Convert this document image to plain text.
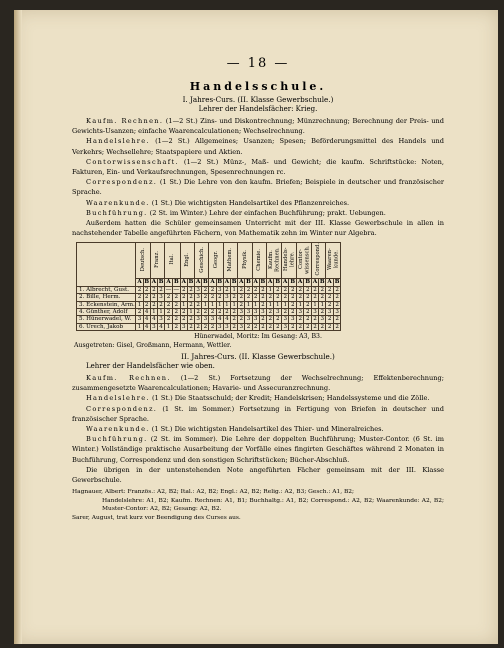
— 18 —
Handelsschule.
I. Jahres-Curs. (II. Klasse Gewerbschule.)
Lehrer der Handelsfächer: Krieg.

Kaufm. Rechnen. (1—2 St.) Zins- und Diskontrechnung; Münzrechnung; Berechnung der Preis- und Gewichts-Usanzen; einfache Waarencalculationen; Wechselrechnung.

Handelslehre. (1—2 St.) Allgemeines; Usanzen; Spesen; Beförderungsmittel des Handels und Verkehrs; Wechsellehre; Staatspapiere und Aktien.

Contorwissenschaft. (1—2 St.) Münz-, Maß- und Gewicht; die kaufm. Schriftstücke: Noten, Fakturen, Ein- und Verkaufsrechnungen, Spesenrechnungen rc.

Correspondenz. (1 St.) Die Lehre von den kaufm. Briefen; Beispiele in deutscher und französischer Sprache.

Waarenkunde. (1 St.) Die wichtigsten Handelsartikel des Pflanzenreiches.

Buchführung. (2 St. im Winter.) Lehre der einfachen Buchführung; prakt. Uebungen.

Außerdem hatten die Schüler gemeinsamen Unterricht mit der III. Klasse Gewerbschule in allen in nachstehender Tabelle angeführten Fächern, von Mathematik zehn im Winter nur Algebra.

	Deutsch.		Franz.		Ital.		Engl.		Geschich.		Geogr.		Mathem.		Physik.		Chemie.		Kaufm. Rechnen.		Handels-lehre.		Contor-wissensch.		Correspond.		Waaren-kunde.	
	A	B	A	B	A	B	A	B	A	B	A	B	A	B	A	B	A	B	A	B	A	B	A	B	A	B	A	B
1. Albrecht, Gust.	2	2	2	2	—	—	2	2	3	2	2	3	2	1	2	2	2	2	1	2	2	2	2	2	2	2	2	2
2. Bille, Herm.	2	2	2	3	2	2	2	2	3	2	2	2	3	2	2	2	2	2	2	2	2	2	2	2	2	2	2	2
3. Eckenstein, Arm.	1	2	2	2	2	2	1	2	2	1	1	1	1	1	2	1	1	2	1	1	1	2	1	2	1	1	2	2
4. Günther, Adolf	2	4	1	1	2	2	2	1	2	2	2	2	2	2	3	3	3	3	2	3	2	2	3	2	3	2	3	3
5. Hünerwadel, W.	3	4	4	3	2	2	2	2	3	3	3	4	4	2	2	3	3	2	2	2	3	3	2	2	2	3	2	2
6. Urech, Jakob	1	4	3	4	1	2	3	2	2	2	2	3	3	2	3	2	2	2	2	2	3	2	2	2	2	2	2	2
Hünerwadel, Moritz: Im Gesang: A3, B3.
Ausgetreten: Gisel, Großmann, Hermann, Wettler.
II. Jahres-Curs. (II. Klasse Gewerbschule.)
Lehrer der Handelsfächer wie oben.

Kaufm. Rechnen. (1—2 St.) Fortsetzung der Wechselrechnung; Effektenberechnung; zusammengesetzte Waarencalculationen; Havarie- und Assecuranzrechnung.

Handelslehre. (1 St.) Die Staatsschuld; der Kredit; Handelskrisen; Handelssysteme und die Zölle.

Correspondenz. (1 St. im Sommer.) Fortsetzung in Fertigung von Briefen in deutscher und französischer Sprache.

Waarenkunde. (1 St.) Die wichtigsten Handelsartikel des Thier- und Mineralreiches.

Buchführung. (2 St. im Sommer). Die Lehre der doppelten Buchführung; Muster-Contor. (6 St. im Winter.) Vollständige praktische Ausarbeitung der Vorfälle eines fingirten Geschäftes während 2 Monaten in Buchführung, Correspondenz und den sonstigen Schriftstücken; Bücher-Abschluß.

Die übrigen in der untenstehenden Note angeführten Fächer gemeinsam mit der III. Klasse Gewerbschule.

Hagnauer, Albert: Französ.: A2, B2; Ital.: A2, B2; Engl.: A2, B2; Relig.: A2, B3; Gesch.: A1, B2;
Handelslehre: A1, B2; Kaufm. Rechnen: A1, B1; Buchhaltg.: A1, B2; Correspond.: A2, B2; Waarenkunde: A2, B2; Muster-Contor: A2, B2; Gesang: A2, B2.
Sarer, August, trat kurz vor Beendigung des Curses aus.
